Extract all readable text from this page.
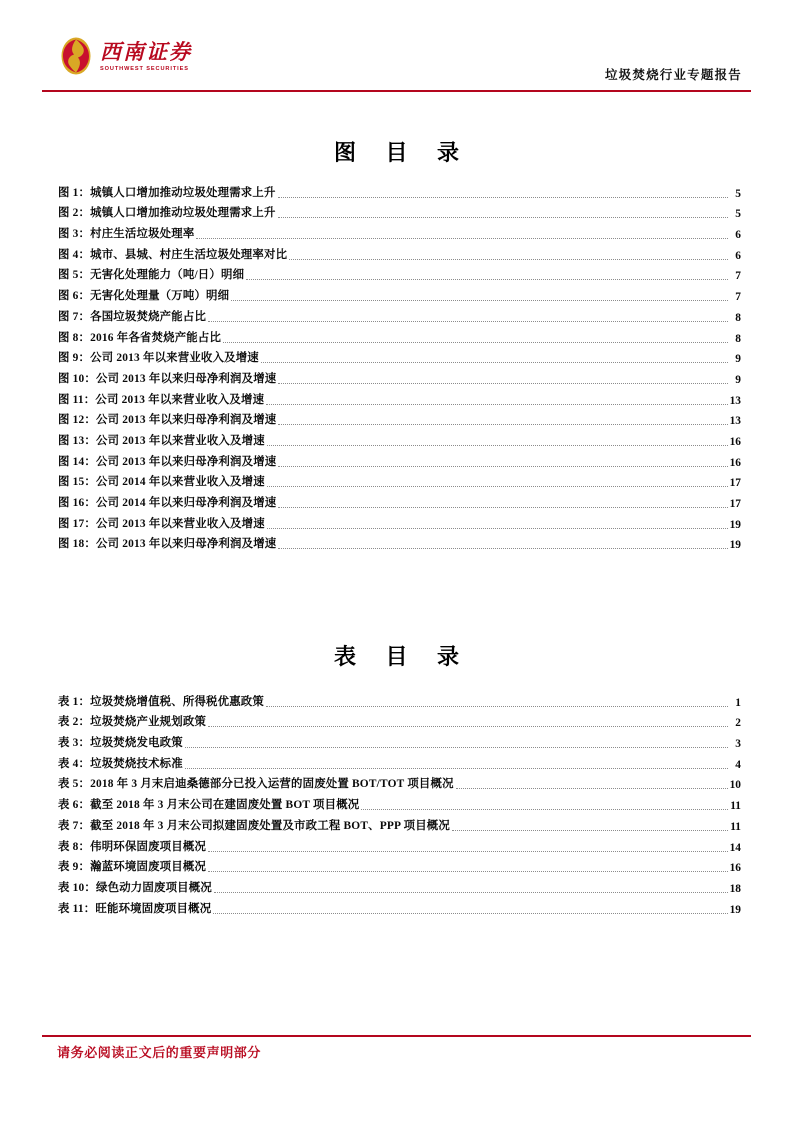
西南证券
SOUTHWEST SECURITIES	垃圾焚烧行业专题报告
图 目 录
图 1：城镇人口增加推动垃圾处理需求上升	5
图 2：城镇人口增加推动垃圾处理需求上升	5
图 3：村庄生活垃圾处理率	6
图 4：城市、县城、村庄生活垃圾处理率对比	6
图 5：无害化处理能力（吨/日）明细	7
图 6：无害化处理量（万吨）明细	7
图 7：各国垃圾焚烧产能占比	8
图 8：2016 年各省焚烧产能占比	8
图 9：公司 2013 年以来营业收入及增速	9
图 10：公司 2013 年以来归母净利润及增速	9
图 11：公司 2013 年以来营业收入及增速	13
图 12：公司 2013 年以来归母净利润及增速	13
图 13：公司 2013 年以来营业收入及增速	16
图 14：公司 2013 年以来归母净利润及增速	16
图 15：公司 2014 年以来营业收入及增速	17
图 16：公司 2014 年以来归母净利润及增速	17
图 17：公司 2013 年以来营业收入及增速	19
图 18：公司 2013 年以来归母净利润及增速	19
表 目 录
表 1：垃圾焚烧增值税、所得税优惠政策	1
表 2：垃圾焚烧产业规划政策	2
表 3：垃圾焚烧发电政策	3
表 4：垃圾焚烧技术标准	4
表 5：2018 年 3 月末启迪桑德部分已投入运营的固废处置 BOT/TOT 项目概况	10
表 6：截至 2018 年 3 月末公司在建固废处置 BOT 项目概况	11
表 7：截至 2018 年 3 月末公司拟建固废处置及市政工程 BOT、PPP 项目概况	11
表 8：伟明环保固废项目概况	14
表 9：瀚蓝环境固废项目概况	16
表 10：绿色动力固废项目概况	18
表 11：旺能环境固废项目概况	19
请务必阅读正文后的重要声明部分
